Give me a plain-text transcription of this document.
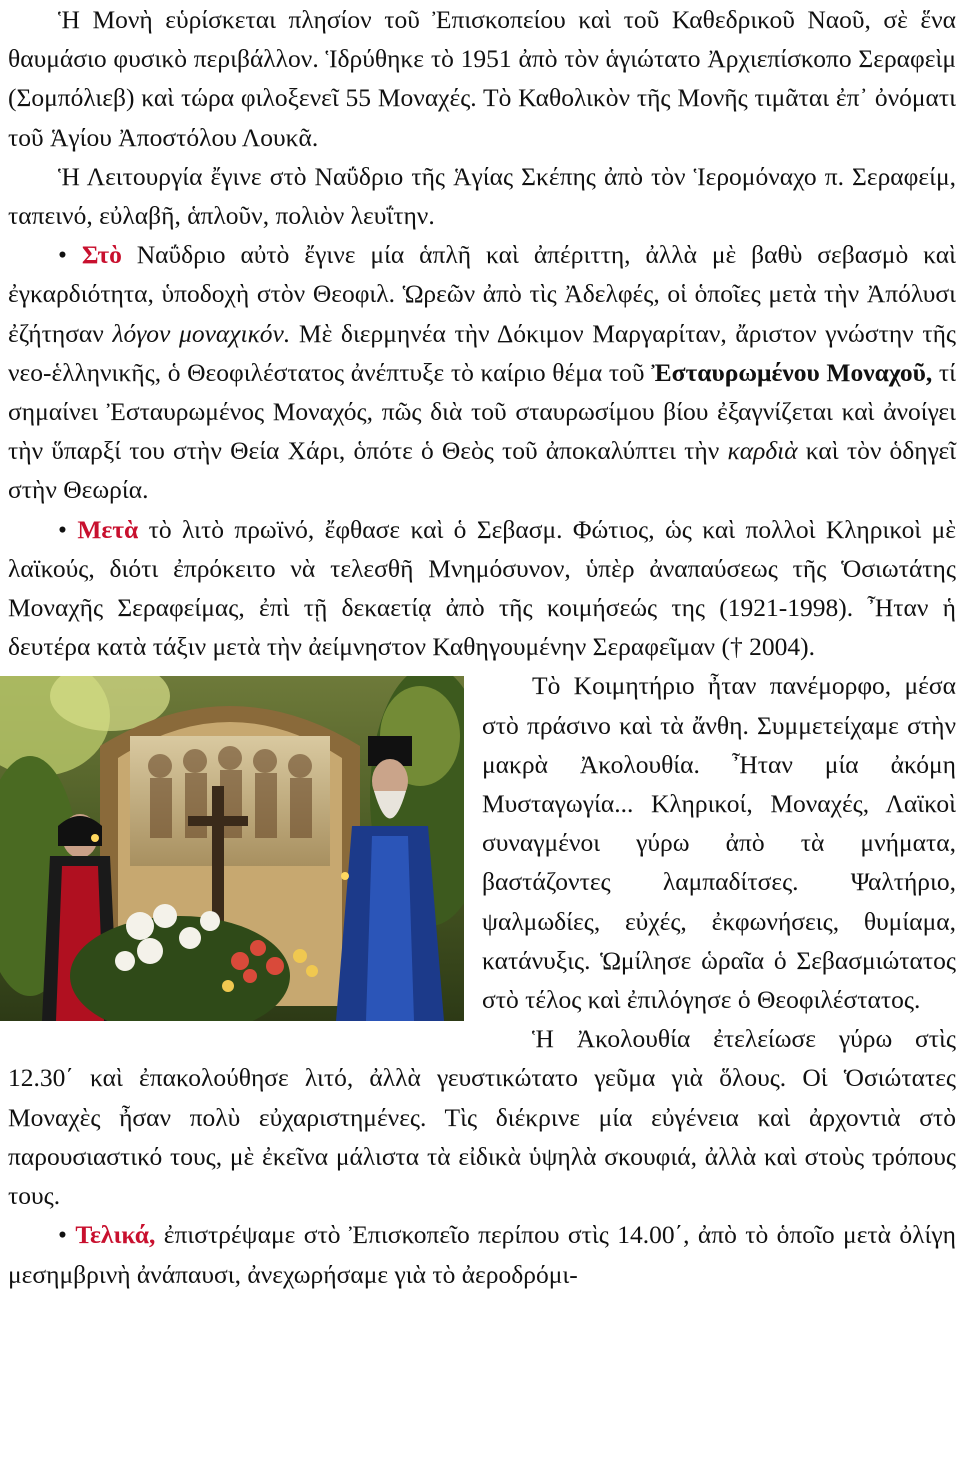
Ἡ Μονὴ εὑρίσκεται πλησίον τοῦ Ἐπισκοπείου καὶ τοῦ Καθεδρικοῦ Ναοῦ, σὲ ἕνα θαυμάσιο φυσικὸ περιβάλλον. Ἱδρύθηκε τὸ 1951 ἀπὸ τὸν ἁγιώτατο Ἀρχιεπίσκοπο Σεραφεὶμ (Σομπόλιεβ) καὶ τώρα φιλοξενεῖ 55 Μοναχές. Τὸ Καθολικὸν τῆς Μονῆς τιμᾶται ἐπ᾽ ὀνόματι τοῦ Ἁγίου Ἀποστόλου Λουκᾶ.

Ἡ Λειτουργία ἔγινε στὸ Ναΰδριο τῆς Ἁγίας Σκέπης ἀπὸ τὸν Ἱερομόναχο π. Σεραφείμ, ταπεινό, εὐλαβῆ, ἁπλοῦν, πολιὸν λευΐτην.

• Στὸ Ναΰδριο αὐτὸ ἔγινε μία ἁπλῆ καὶ ἀπέριττη, ἀλλὰ μὲ βαθὺ σεβασμὸ καὶ ἐγκαρδιότητα, ὑποδοχὴ στὸν Θεοφιλ. Ὡρεῶν ἀπὸ τὶς Ἀδελφές, οἱ ὁποῖες μετὰ τὴν Ἀπόλυσι ἐζήτησαν λόγον μοναχικόν. Μὲ διερμηνέα τὴν Δόκιμον Μαργαρίταν, ἄριστον γνώστην τῆς νεο-ἑλληνικῆς, ὁ Θεοφιλέστατος ἀνέπτυξε τὸ καίριο θέμα τοῦ Ἐσταυρωμένου Μοναχοῦ, τί σημαίνει Ἐσταυρωμένος Μοναχός, πῶς διὰ τοῦ σταυρωσίμου βίου ἐξαγνίζεται καὶ ἀνοίγει τὴν ὕπαρξί του στὴν Θεία Χάρι, ὁπότε ὁ Θεὸς τοῦ ἀποκαλύπτει τὴν καρδιὰ καὶ τὸν ὁδηγεῖ στὴν Θεωρία.

• Μετὰ τὸ λιτὸ πρωϊνό, ἔφθασε καὶ ὁ Σεβασμ. Φώτιος, ὡς καὶ πολλοὶ Κληρικοὶ μὲ λαϊκούς, διότι ἐπρόκειτο νὰ τελεσθῆ Μνημόσυνον, ὑπὲρ ἀναπαύσεως τῆς Ὁσιωτάτης Μοναχῆς Σεραφείμας, ἐπὶ τῇ δεκαετίᾳ ἀπὸ τῆς κοιμήσεώς της (1921-1998). Ἦταν ἡ δευτέρα κατὰ τάξιν μετὰ τὴν ἀείμνηστον Καθηγουμένην Σεραφεῖμαν († 2004).

Τὸ Κοιμητήριο ἦταν πανέμορφο, μέσα στὸ πράσινο καὶ τὰ ἄνθη. Συμμετείχαμε στὴν μακρὰ Ἀκολουθία. Ἦταν μία ἀκόμη Μυσταγωγία... Κληρικοί, Μοναχές, Λαϊκοὶ συναγμένοι γύρω ἀπὸ τὰ μνήματα, βαστάζοντες λαμπαδίτσες. Ψαλτήριο, ψαλμωδίες, εὐχές, ἐκφωνήσεις, θυμίαμα, κατάνυξις. Ὡμίλησε ὡραῖα ὁ Σεβασμιώτατος στὸ τέλος καὶ ἐπιλόγησε ὁ Θεοφιλέστατος.

Ἡ Ἀκολουθία ἐτελείωσε γύρω στὶς 12.30΄ καὶ ἐπακολούθησε λιτό, ἀλλὰ γευστικώτατο γεῦμα γιὰ ὅλους. Οἱ Ὁσιώτατες Μοναχὲς ἦσαν πολὺ εὐχαριστημένες. Τὶς διέκρινε μία εὐγένεια καὶ ἀρχοντιὰ στὸ παρουσιαστικό τους, μὲ ἐκεῖνα μάλιστα τὰ εἰδικὰ ὑψηλὰ σκουφιά, ἀλλὰ καὶ στοὺς τρόπους τους.

• Τελικά, ἐπιστρέψαμε στὸ Ἐπισκοπεῖο περίπου στὶς 14.00΄, ἀπὸ τὸ ὁποῖο μετὰ ὀλίγη μεσημβρινὴ ἀνάπαυσι, ἀνεχωρήσαμε γιὰ τὸ ἀεροδρόμι-
